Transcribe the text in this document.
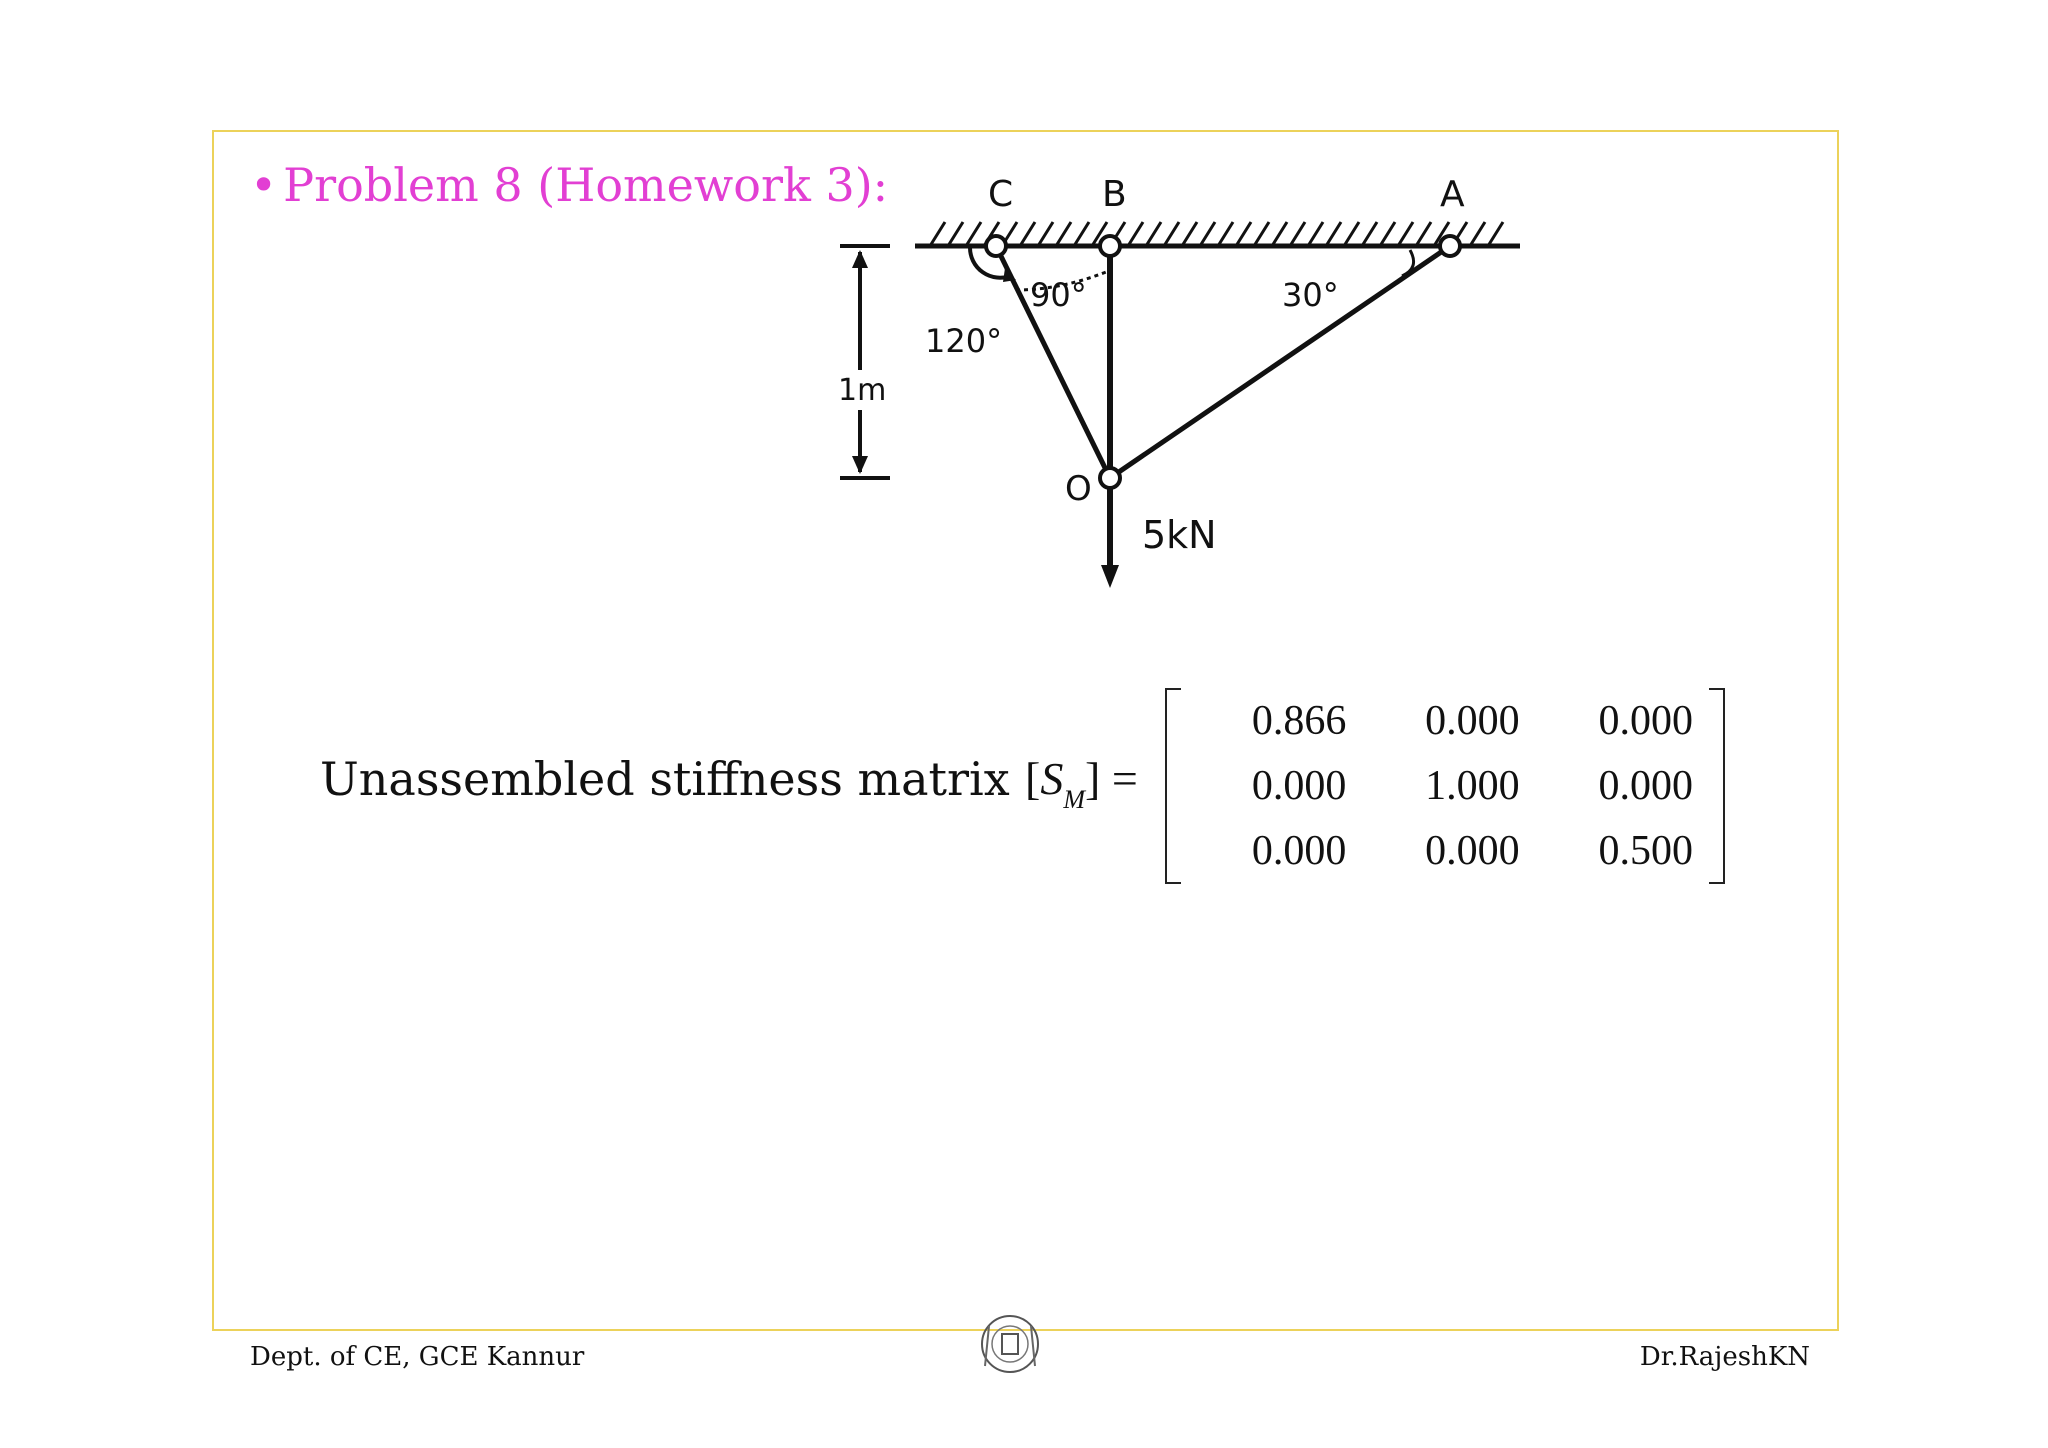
• Problem 8 (Homework 3):	C B	A
O
120°
90°	30°
1m
5kN
Unassembled stiffness matrix $[S_M]$ =
0.866	0.000	0.000
0.000	1.000	0.000
0.000	0.000	0.500
Dept. of CE, GCE Kannur	Dr.RajeshKN
